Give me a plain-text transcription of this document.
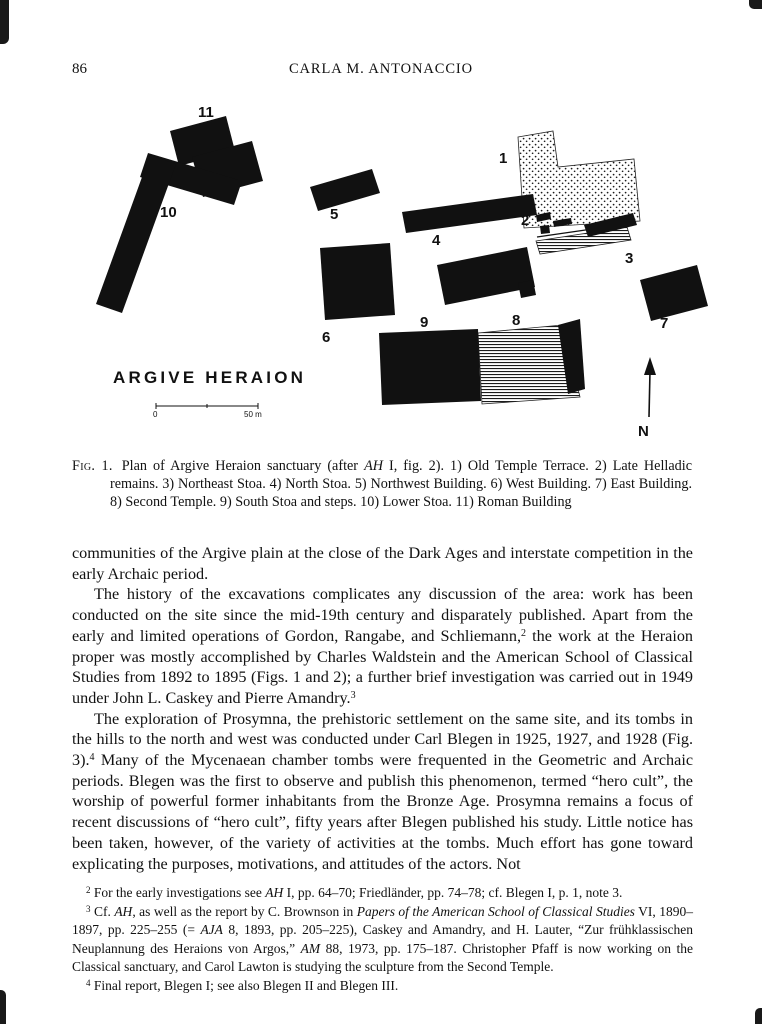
86	CARLA M. ANTONACCIO
11
10	5
4
1
2
3
6
8
9	7
ARGIVE HERAION
0	50 m
N
Fig. 1. Plan of Argive Heraion sanctuary (after AH I, fig. 2). 1) Old Temple Terrace. 2) Late Helladic remains. 3) Northeast Stoa. 4) North Stoa. 5) Northwest Building. 6) West Building. 7) East Building. 8) Second Temple. 9) South Stoa and steps. 10) Lower Stoa. 11) Roman Building

communities of the Argive plain at the close of the Dark Ages and interstate competition in the early Archaic period.

The history of the excavations complicates any discussion of the area: work has been conducted on the site since the mid-19th century and disparately published. Apart from the early and limited operations of Gordon, Rangabe, and Schliemann,$^2$ the work at the Heraion proper was mostly accomplished by Charles Waldstein and the American School of Classical Studies from 1892 to 1895 (Figs. 1 and 2); a further brief investigation was carried out in 1949 under John L. Caskey and Pierre Amandry.$^3$

The exploration of Prosymna, the prehistoric settlement on the same site, and its tombs in the hills to the north and west was conducted under Carl Blegen in 1925, 1927, and 1928 (Fig. 3).$^4$ Many of the Mycenaean chamber tombs were frequented in the Geometric and Archaic periods. Blegen was the first to observe and publish this phenomenon, termed “hero cult”, the worship of powerful former inhabitants from the Bronze Age. Prosymna remains a focus of recent discussions of “hero cult”, fifty years after Blegen published his study. Little notice has been taken, however, of the variety of activities at the tombs. Much effort has gone toward explicating the purposes, motivations, and attitudes of the actors. Not

$^2$ For the early investigations see AH I, pp. 64–70; Friedländer, pp. 74–78; cf. Blegen I, p. 1, note 3.

$^3$ Cf. AH, as well as the report by C. Brownson in Papers of the American School of Classical Studies VI, 1890–1897, pp. 225–255 (= AJA 8, 1893, pp. 205–225), Caskey and Amandry, and H. Lauter, “Zur frühklassischen Neuplannung des Heraions von Argos,” AM 88, 1973, pp. 175–187. Christopher Pfaff is now working on the Classical sanctuary, and Carol Lawton is studying the sculpture from the Second Temple.

$^4$ Final report, Blegen I; see also Blegen II and Blegen III.
